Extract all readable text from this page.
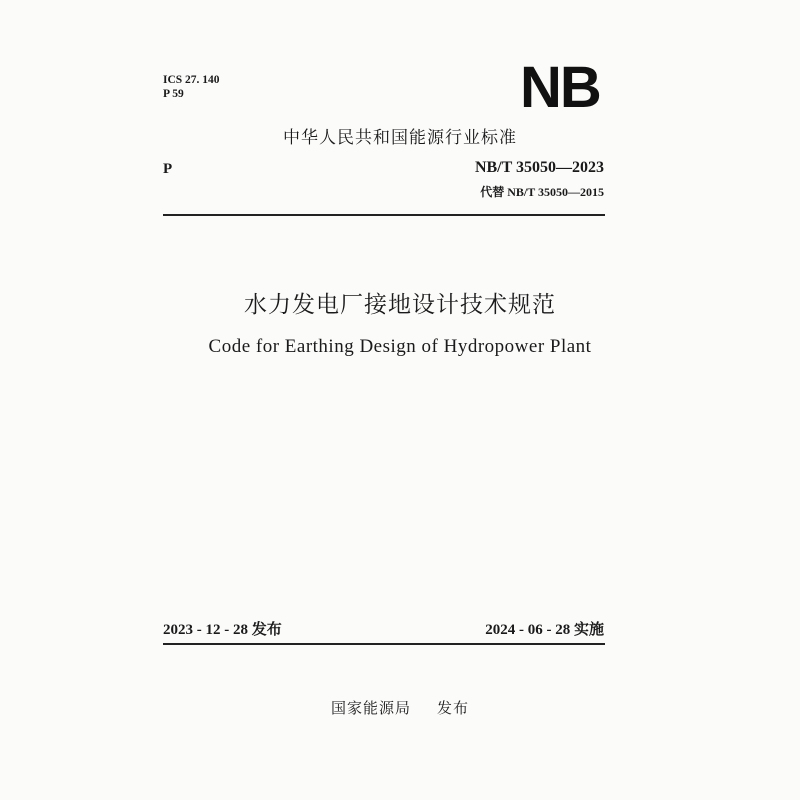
ICS 27. 140
P 59	NB
中华人民共和国能源行业标准
P	NB/T 35050—2023
代替 NB/T 35050—2015
水力发电厂接地设计技术规范
Code for Earthing Design of Hydropower Plant
2023 - 12 - 28 发布	2024 - 06 - 28 实施
国家能源局 发布
